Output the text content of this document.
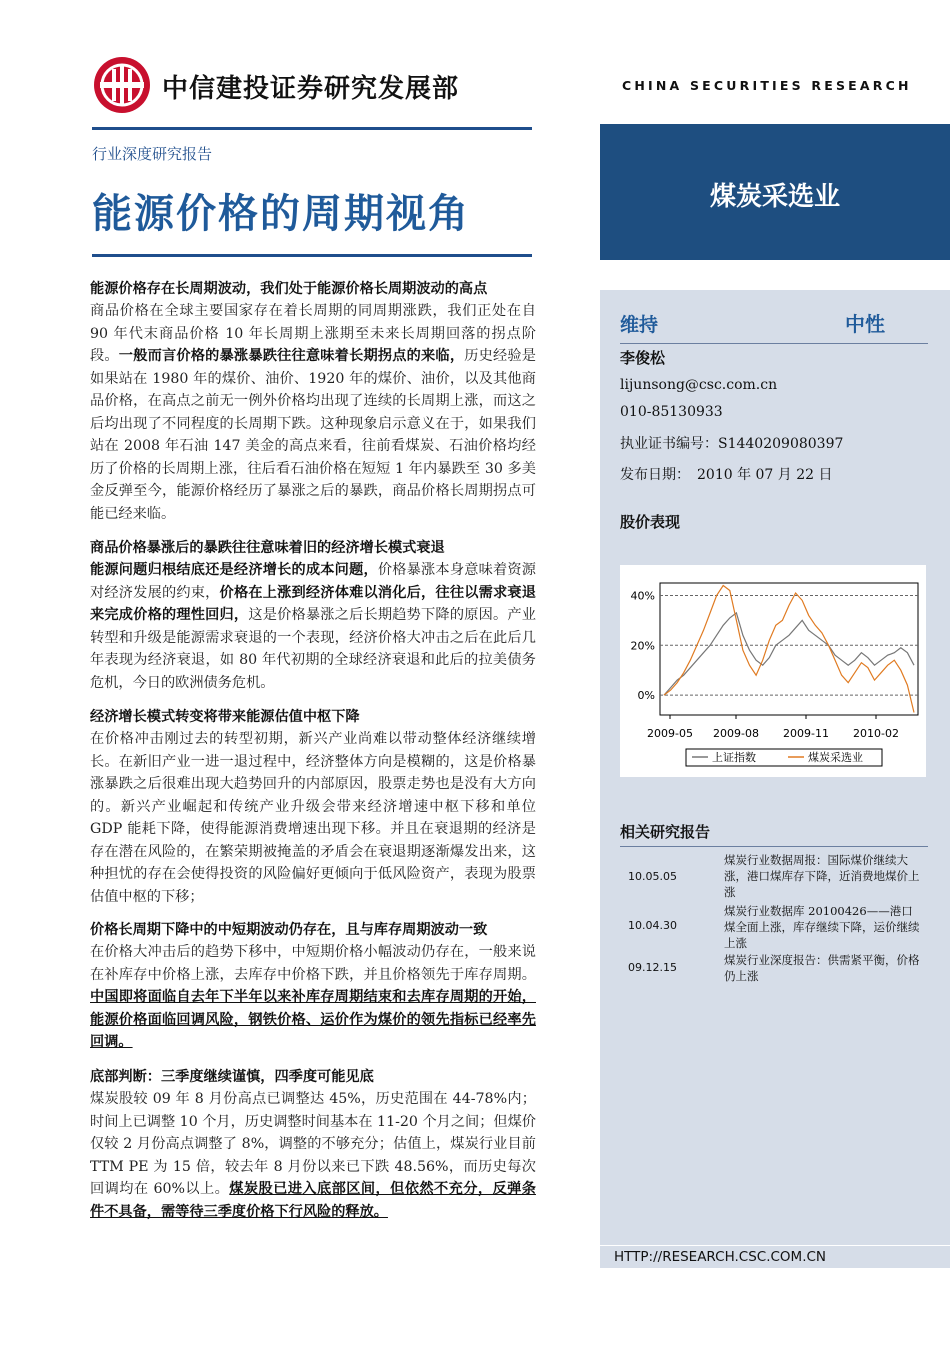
中信建投证券研究发展部	CHINA SECURITIES RESEARCH
行业深度研究报告
能源价格的周期视角	煤炭采选业
维持	中性
李俊松
lijunsong@csc.com.cn
010-85130933
执业证书编号：S1440209080397
发布日期：　2010 年 07 月 22 日
股价表现
40%
20%
0%
2009-05 2009-08 2009-11 2010-02
上证指数	煤炭采选业
相关研究报告
10.05.05
煤炭行业数据周报：国际煤价继续大涨，港口煤库存下降，近消费地煤价上涨
10.04.30
煤炭行业数据库 20100426——港口煤全面上涨，库存继续下降，运价继续上涨
09.12.15
煤炭行业深度报告：供需紧平衡，价格仍上涨
HTTP://RESEARCH.CSC.COM.CN
能源价格存在长周期波动，我们处于能源价格长周期波动的高点
商品价格在全球主要国家存在着长周期的同周期涨跌，我们正处在自 90 年代末商品价格 10 年长周期上涨期至未来长周期回落的拐点阶段。一般而言价格的暴涨暴跌往往意味着长期拐点的来临，历史经验是如果站在 1980 年的煤价、油价、1920 年的煤价、油价，以及其他商品价格，在高点之前无一例外价格均出现了连续的长周期上涨，而这之后均出现了不同程度的长周期下跌。这种现象启示意义在于，如果我们站在 2008 年石油 147 美金的高点来看，往前看煤炭、石油价格均经历了价格的长周期上涨，往后看石油价格在短短 1 年内暴跌至 30 多美金反弹至今，能源价格经历了暴涨之后的暴跌，商品价格长周期拐点可能已经来临。
商品价格暴涨后的暴跌往往意味着旧的经济增长模式衰退
能源问题归根结底还是经济增长的成本问题，价格暴涨本身意味着资源对经济发展的约束，价格在上涨到经济体难以消化后，往往以需求衰退来完成价格的理性回归，这是价格暴涨之后长期趋势下降的原因。产业转型和升级是能源需求衰退的一个表现，经济价格大冲击之后在此后几年表现为经济衰退，如 80 年代初期的全球经济衰退和此后的拉美债务危机，今日的欧洲债务危机。
经济增长模式转变将带来能源估值中枢下降
在价格冲击刚过去的转型初期，新兴产业尚难以带动整体经济继续增长。在新旧产业一进一退过程中，经济整体方向是模糊的，这是价格暴涨暴跌之后很难出现大趋势回升的内部原因，股票走势也是没有大方向的。新兴产业崛起和传统产业升级会带来经济增速中枢下移和单位 GDP 能耗下降，使得能源消费增速出现下移。并且在衰退期的经济是存在潜在风险的，在繁荣期被掩盖的矛盾会在衰退期逐渐爆发出来，这种担忧的存在会使得投资的风险偏好更倾向于低风险资产，表现为股票估值中枢的下移；
价格长周期下降中的中短期波动仍存在，且与库存周期波动一致
在价格大冲击后的趋势下移中，中短期价格小幅波动仍存在，一般来说在补库存中价格上涨，去库存中价格下跌，并且价格领先于库存周期。中国即将面临自去年下半年以来补库存周期结束和去库存周期的开始，能源价格面临回调风险，钢铁价格、运价作为煤价的领先指标已经率先回调。
底部判断：三季度继续谨慎，四季度可能见底
煤炭股较 09 年 8 月份高点已调整达 45%，历史范围在 44-78%内；时间上已调整 10 个月，历史调整时间基本在 11-20 个月之间；但煤价仅较 2 月份高点调整了 8%，调整的不够充分；估值上，煤炭行业目前 TTM PE 为 15 倍，较去年 8 月份以来已下跌 48.56%，而历史每次回调均在 60%以上。煤炭股已进入底部区间，但依然不充分，反弹条件不具备，需等待三季度价格下行风险的释放。
